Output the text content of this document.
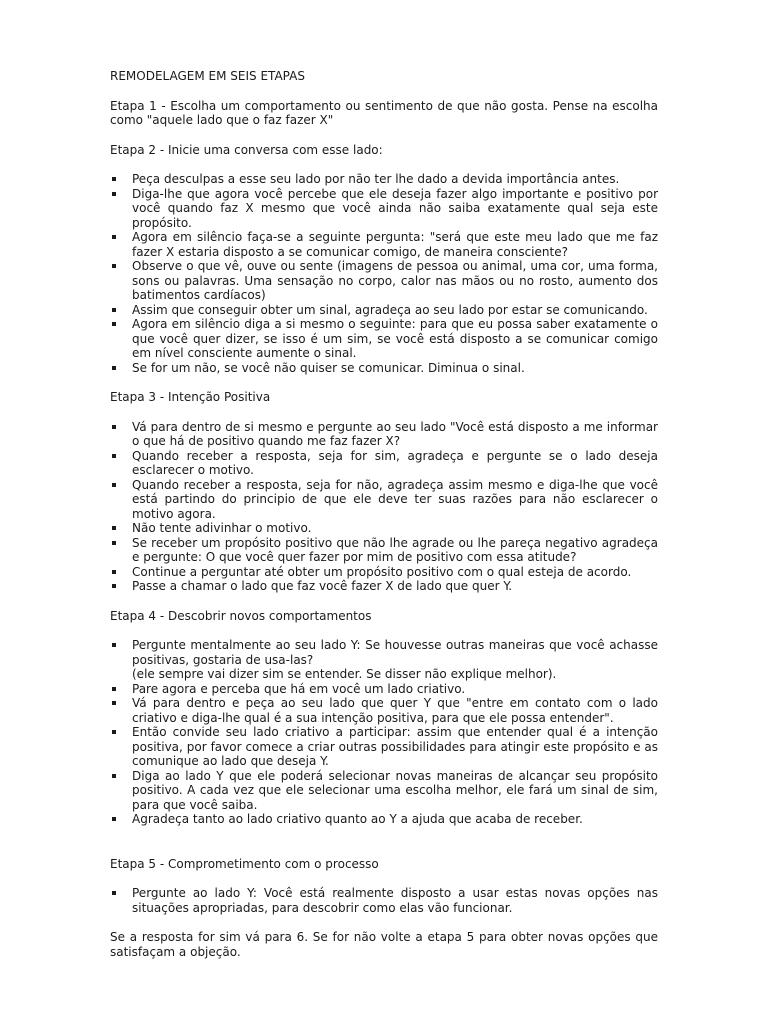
REMODELAGEM EM SEIS ETAPAS

Etapa 1 - Escolha um comportamento ou sentimento de que não gosta. Pense na escolha como "aquele lado que o faz fazer X"

Etapa 2 - Inicie uma conversa com esse lado:
Peça desculpas a esse seu lado por não ter lhe dado a devida importância antes.
Diga-lhe que agora você percebe que ele deseja fazer algo importante e positivo por você quando faz X mesmo que você ainda não saiba exatamente qual seja este propósito.
Agora em silêncio faça-se a seguinte pergunta: "será que este meu lado que me faz fazer X estaria disposto a se comunicar comigo, de maneira consciente?
Observe o que vê, ouve ou sente (imagens de pessoa ou animal, uma cor, uma forma, sons ou palavras. Uma sensação no corpo, calor nas mãos ou no rosto, aumento dos batimentos cardíacos)
Assim que conseguir obter um sinal, agradeça ao seu lado por estar se comunicando.
Agora em silêncio diga a si mesmo o seguinte: para que eu possa saber exatamente o que você quer dizer, se isso é um sim, se você está disposto a se comunicar comigo em nível consciente aumente o sinal.
Se for um não, se você não quiser se comunicar. Diminua o sinal.
Etapa 3 - Intenção Positiva
Vá para dentro de si mesmo e pergunte ao seu lado "Você está disposto a me informar o que há de positivo quando me faz fazer X?
Quando receber a resposta, seja for sim, agradeça e pergunte se o lado deseja esclarecer o motivo.
Quando receber a resposta, seja for não, agradeça assim mesmo e diga-lhe que você está partindo do principio de que ele deve ter suas razões para não esclarecer o motivo agora.
Não tente adivinhar o motivo.
Se receber um propósito positivo que não lhe agrade ou lhe pareça negativo agradeça e pergunte: O que você quer fazer por mim de positivo com essa atitude?
Continue a perguntar até obter um propósito positivo com o qual esteja de acordo.
Passe a chamar o lado que faz você fazer X de lado que quer Y.
Etapa 4 - Descobrir novos comportamentos
Pergunte mentalmente ao seu lado Y: Se houvesse outras maneiras que você achasse positivas, gostaria de usa-las?
(ele sempre vai dizer sim se entender. Se disser não explique melhor).
Pare agora e perceba que há em você um lado criativo.
Vá para dentro e peça ao seu lado que quer Y que "entre em contato com o lado criativo e diga-lhe qual é a sua intenção positiva, para que ele possa entender".
Então convide seu lado criativo a participar: assim que entender qual é a intenção positiva, por favor comece a criar outras possibilidades para atingir este propósito e as comunique ao lado que deseja Y.
Diga ao lado Y que ele poderá selecionar novas maneiras de alcançar seu propósito positivo. A cada vez que ele selecionar uma escolha melhor, ele fará um sinal de sim, para que você saiba.
Agradeça tanto ao lado criativo quanto ao Y a ajuda que acaba de receber.
Etapa 5 - Comprometimento com o processo
Pergunte ao lado Y: Você está realmente disposto a usar estas novas opções nas situações apropriadas, para descobrir como elas vão funcionar.

Se a resposta for sim vá para 6. Se for não volte a etapa 5 para obter novas opções que satisfaçam a objeção.
